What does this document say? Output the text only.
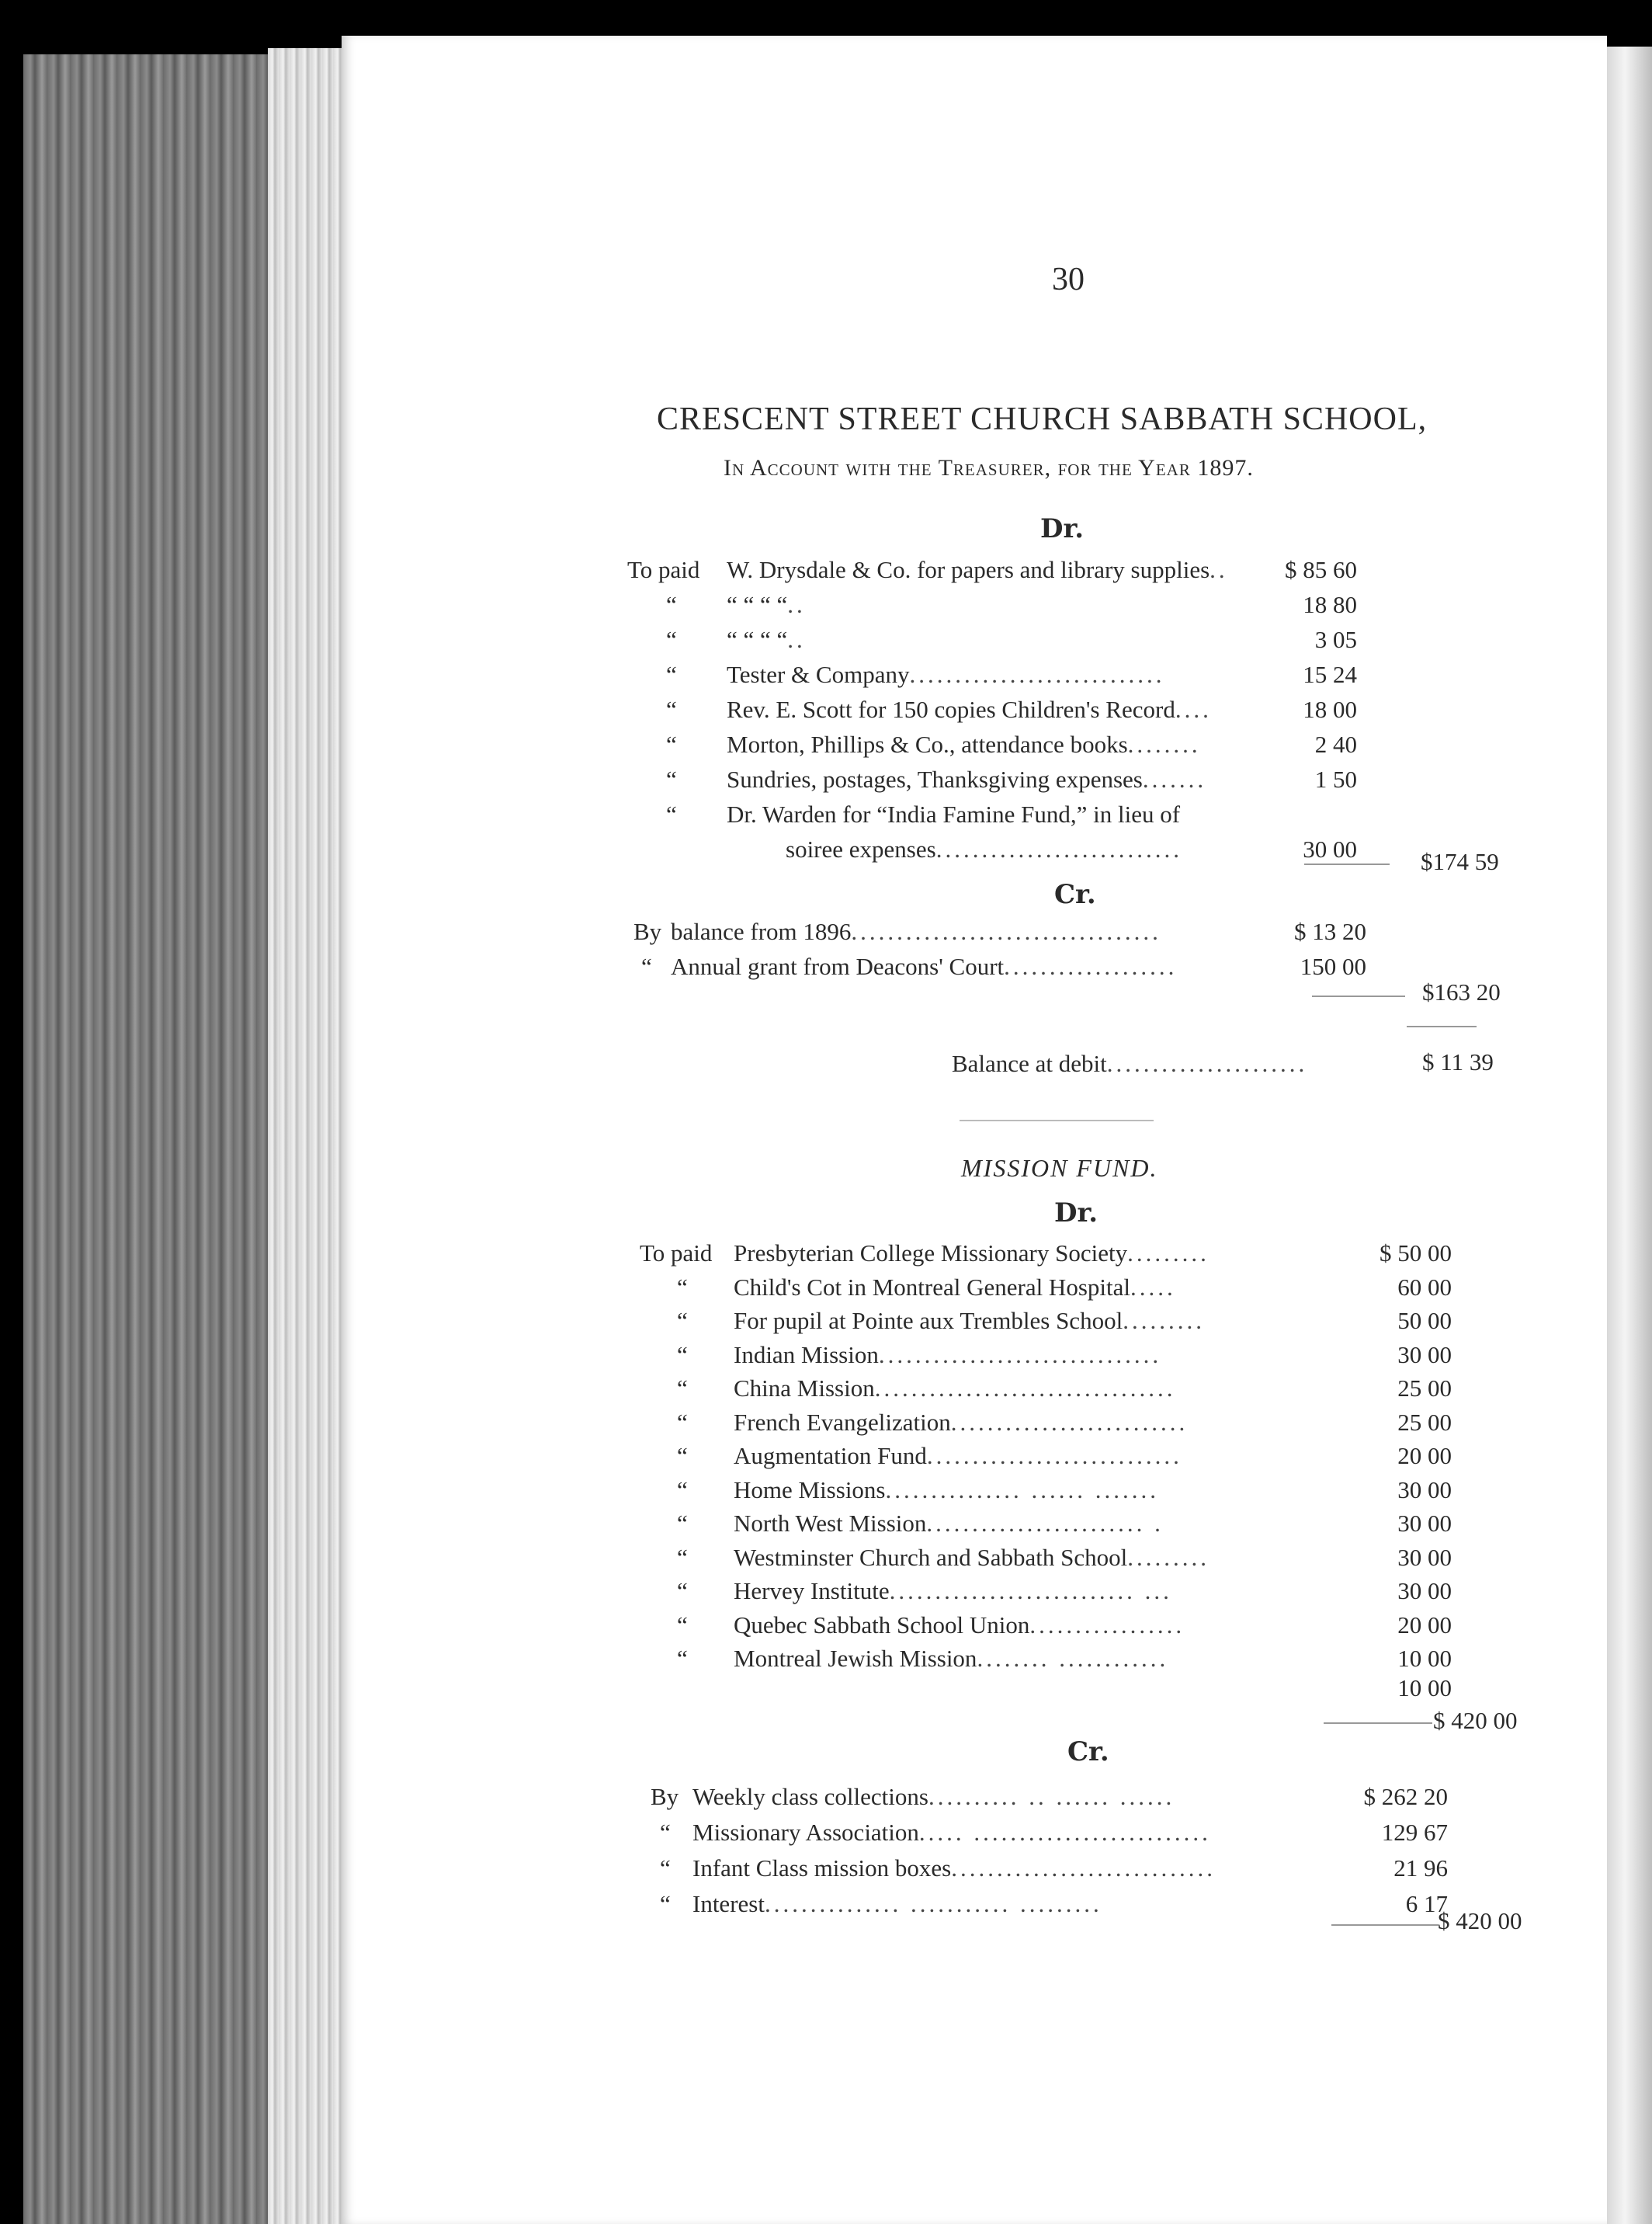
30
CRESCENT STREET CHURCH SABBATH SCHOOL,
In Account with the Treasurer, for the Year 1897.
Dr.
To paid W. Drysdale & Co. for papers and library supplies..	$ 85 60
“ “ “ “ “..	18 80
“ “ “ “ “..	3 05
“ Tester & Company............................	15 24
“ Rev. E. Scott for 150 copies Children's Record....	18 00
“ Morton, Phillips & Co., attendance books........	2 40
“ Sundries, postages, Thanksgiving expenses.......	1 50
“ Dr. Warden for “India Famine Fund,” in lieu of
soiree expenses...........................	30 00	$174 59
Cr.
By balance from 1896..................................	$ 13 20
“ Annual grant from Deacons' Court...................	150 00
$163 20
Balance at debit......................	$ 11 39
MISSION FUND.
Dr.
To paid Presbyterian College Missionary Society.........	$ 50 00
“ Child's Cot in Montreal General Hospital.....	60 00
“ For pupil at Pointe aux Trembles School.........	50 00
“ Indian Mission...............................	30 00
“ China Mission.................................	25 00
“ French Evangelization..........................	25 00
“ Augmentation Fund............................	20 00
“ Home Missions............... ...... .......	30 00
“ North West Mission........................ .	30 00
“ Westminster Church and Sabbath School.........	30 00
“ Hervey Institute........................... ...	30 00
“ Quebec Sabbath School Union.................	20 00
“ Montreal Jewish Mission........ ............	10 00
10 00
$ 420 00
Cr.
By Weekly class collections.......... .. ...... ......	$ 262 20
“ Missionary Association..... ..........................	129 67
“ Infant Class mission boxes.............................	21 96
“ Interest............... ........... .........	6 17
$ 420 00
